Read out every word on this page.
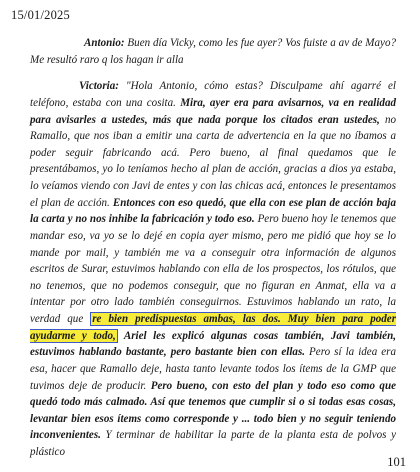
15/01/2025

Antonio: Buen día Vicky, como les fue ayer? Vos fuiste a av de Mayo? Me resultó raro q los hagan ir alla

Victoria: "Hola Antonio, cómo estas? Disculpame ahí agarré el teléfono, estaba con una cosita. Mira, ayer era para avisarnos, va en realidad para avisarles a ustedes, más que nada porque los citados eran ustedes, no Ramallo, que nos iban a emitir una carta de advertencia en la que no íbamos a poder seguir fabricando acá. Pero bueno, al final quedamos que le presentábamos, yo lo teníamos hecho al plan de acción, gracias a dios ya estaba, lo veíamos viendo con Javi de entes y con las chicas acá, entonces le presentamos el plan de acción. Entonces con eso quedó, que ella con ese plan de acción baja la carta y no nos inhibe la fabricación y todo eso. Pero bueno hoy le tenemos que mandar eso, va yo se lo dejé en copia ayer mismo, pero me pidió que hoy se lo mande por mail, y también me va a conseguir otra información de algunos escritos de Surar, estuvimos hablando con ella de los prospectos, los rótulos, que no tenemos, que no podemos conseguir, que no figuran en Anmat, ella va a intentar por otro lado también conseguirnos. Estuvimos hablando un rato, la verdad que re bien predispuestas ambas, las dos. Muy bien para poder ayudarme y todo, Ariel les explicó algunas cosas también, Javi también, estuvimos hablando bastante, pero bastante bien con ellas. Pero sí la idea era esa, hacer que Ramallo deje, hasta tanto levante todos los ítems de la GMP que tuvimos deje de producir. Pero bueno, con esto del plan y todo eso como que quedó todo más calmado. Así que tenemos que cumplir si o si todas esas cosas, levantar bien esos ítems como corresponde y ... todo bien y no seguir teniendo inconvenientes. Y terminar de habilitar la parte de la planta esta de polvos y plástico

101
